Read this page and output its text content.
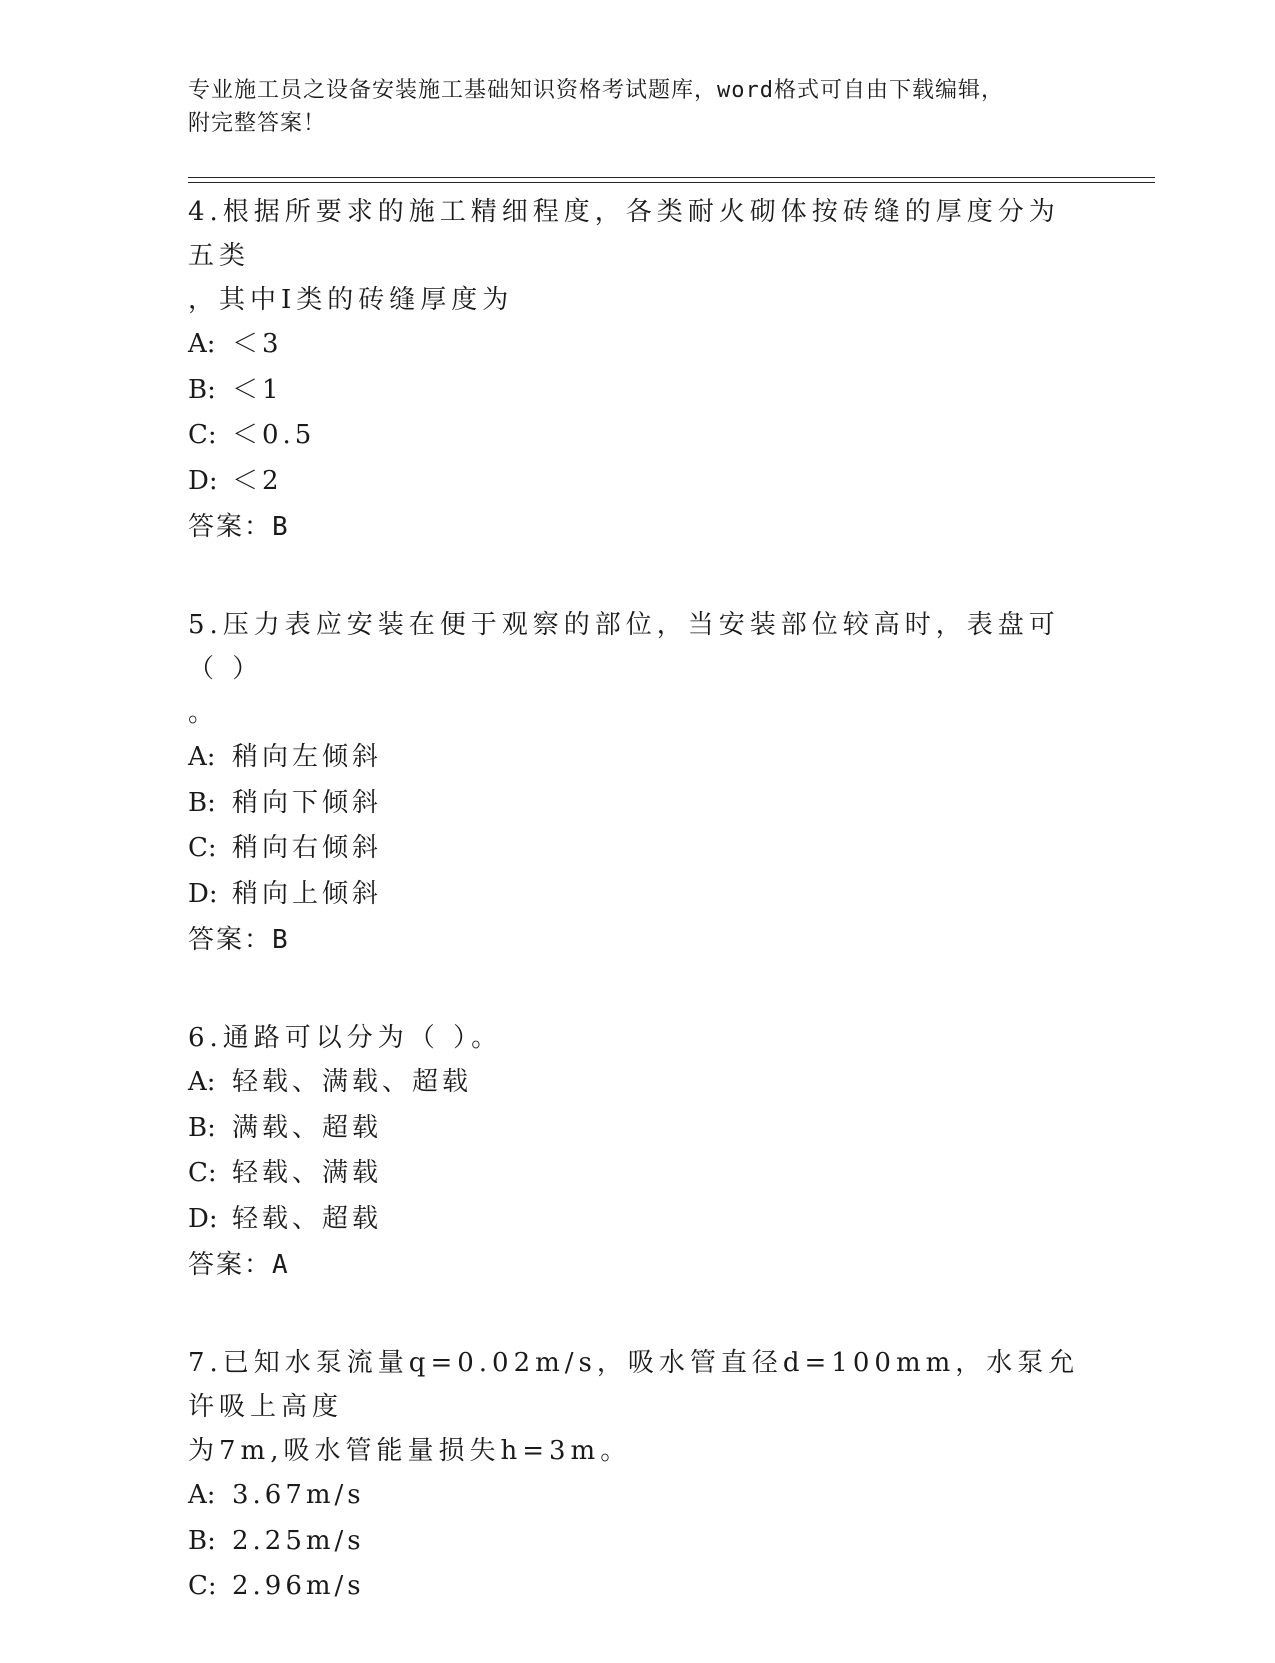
专业施工员之设备安装施工基础知识资格考试题库，word格式可自由下载编辑，
附完整答案！
4.根据所要求的施工精细程度，各类耐火砌体按砖缝的厚度分为五类
，其中Ⅰ类的砖缝厚度为
A: ＜3
B: ＜1
C: ＜0.5
D: ＜2
答案：B
5.压力表应安装在便于观察的部位，当安装部位较高时，表盘可（ ）
。
A: 稍向左倾斜
B: 稍向下倾斜
C: 稍向右倾斜
D: 稍向上倾斜
答案：B
6.通路可以分为（ ）。
A: 轻载、满载、超载
B: 满载、超载
C: 轻载、满载
D: 轻载、超载
答案：A
7.已知水泵流量q=0.02m/s，吸水管直径d=100mm，水泵允许吸上高度
为7m,吸水管能量损失h=3m。
A: 3.67m/s
B: 2.25m/s
C: 2.96m/s
